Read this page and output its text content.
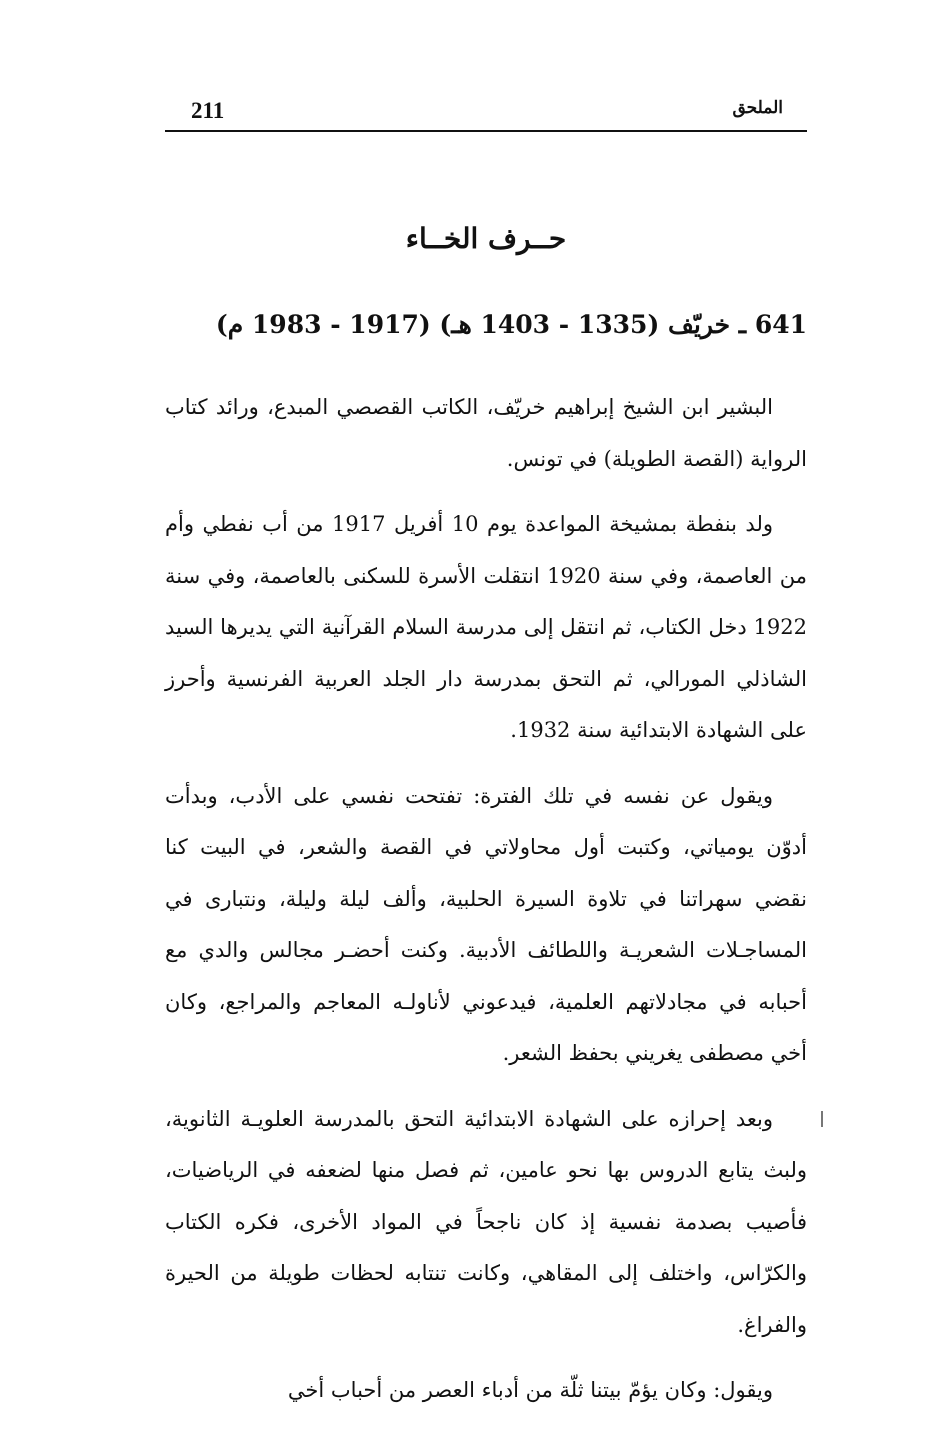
211	الملحق
حــرف الخــاء
641 ـ خريّف (1335 - 1403 هـ) (1917 - 1983 م)

البشير ابن الشيخ إبراهيم خريّف، الكاتب القصصي المبدع، ورائد كتاب الرواية (القصة الطويلة) في تونس.

ولد بنفطة بمشيخة المواعدة يوم 10 أفريل 1917 من أب نفطي وأم من العاصمة، وفي سنة 1920 انتقلت الأسرة للسكنى بالعاصمة، وفي سنة 1922 دخل الكتاب، ثم انتقل إلى مدرسة السلام القرآنية التي يديرها السيد الشاذلي المورالي، ثم التحق بمدرسة دار الجلد العربية الفرنسية وأحرز على الشهادة الابتدائية سنة 1932.

ويقول عن نفسه في تلك الفترة: تفتحت نفسي على الأدب، وبدأت أدوّن يومياتي، وكتبت أول محاولاتي في القصة والشعر، في البيت كنا نقضي سهراتنا في تلاوة السيرة الحلبية، وألف ليلة وليلة، ونتبارى في المساجـلات الشعريـة واللطائف الأدبية. وكنت أحضـر مجالس والدي مع أحبابه في مجادلاتهم العلمية، فيدعوني لأناولـه المعاجم والمراجع، وكان أخي مصطفى يغريني بحفظ الشعر.

وبعد إحرازه على الشهادة الابتدائية التحق بالمدرسة العلويـة الثانوية، ولبث يتابع الدروس بها نحو عامين، ثم فصل منها لضعفه في الرياضيات، فأصيب بصدمة نفسية إذ كان ناجحاً في المواد الأخرى، فكره الكتاب والكرّاس، واختلف إلى المقاهي، وكانت تنتابه لحظات طويلة من الحيرة والفراغ.

ويقول: وكان يؤمّ بيتنا ثلّة من أدباء العصر من أحباب أخي
